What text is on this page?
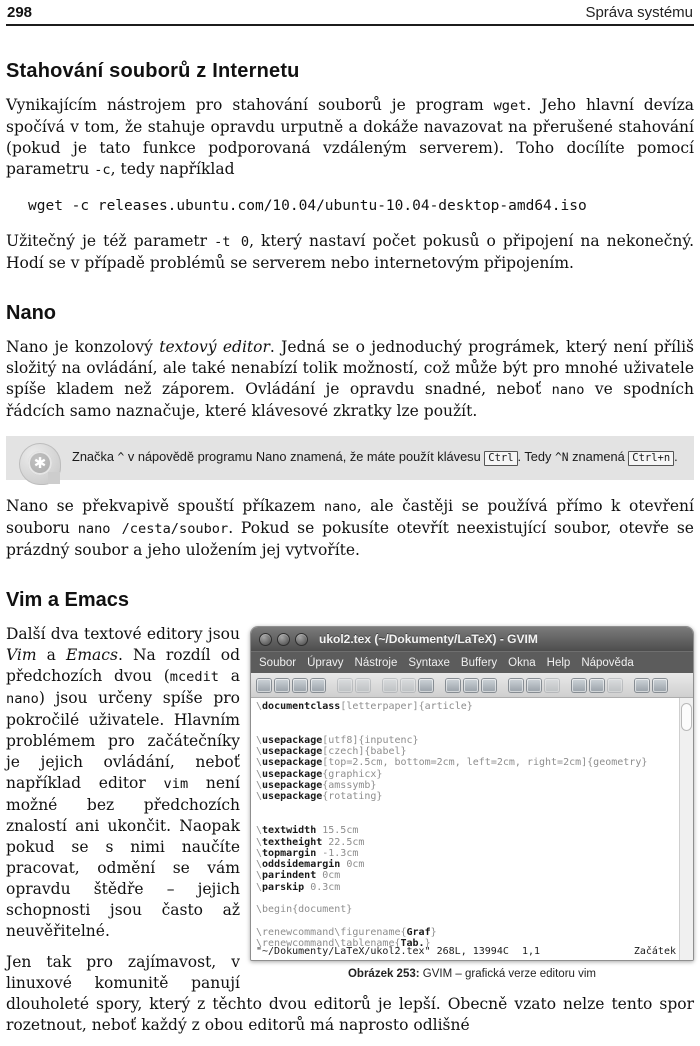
298	Správa systému
Stahování souborů z Internetu

Vynikajícím nástrojem pro stahování souborů je program wget. Jeho hlavní devíza spočívá v tom, že stahuje opravdu urputně a dokáže navazovat na přerušené stahování (pokud je tato funkce podporovaná vzdáleným serverem). Toho docílíte pomocí parametru -c, tedy například

wget -c releases.ubuntu.com/10.04/ubuntu-10.04-desktop-amd64.iso

Užitečný je též parametr -t 0, který nastaví počet pokusů o připojení na nekonečný. Hodí se v případě problémů se serverem nebo internetovým připojením.

Nano

Nano je konzolový textový editor. Jedná se o jednoduchý prográmek, který není příliš složitý na ovládání, ale také nenabízí tolik možností, což může být pro mnohé uživatele spíše kladem než záporem. Ovládání je opravdu snadné, neboť nano ve spodních řádcích samo naznačuje, které klávesové zkratky lze použít.

✱	Značka ^ v nápovědě programu Nano znamená, že máte použít klávesu Ctrl . Tedy ^N znamená Ctrl+n .

Nano se překvapivě spouští příkazem nano, ale častěji se používá přímo k otevření souboru nano /cesta/soubor. Pokud se pokusíte otevřít neexistující soubor, otevře se prázdný soubor a jeho uložením jej vytvoříte.

Vim a Emacs
ukol2.tex (~/Dokumenty/LaTeX) - GVIM
Soubor Úpravy Nástroje Syntaxe Buffery Okna Help Nápověda
\documentclass[letterpaper]{article}

\usepackage[utf8]{inputenc}
\usepackage[czech]{babel}
\usepackage[top=2.5cm, bottom=2cm, left=2cm, right=2cm]{geometry}
\usepackage{graphicx}
\usepackage{amssymb}
\usepackage{rotating}

\textwidth 15.5cm
\textheight 22.5cm
\topmargin -1.3cm
\oddsidemargin 0cm
\parindent 0cm
\parskip 0.3cm

\begin{document}

\renewcommand\figurename{Graf}
\renewcommand\tablename{Tab.}
"~/Dokumenty/LaTeX/ukol2.tex" 268L, 13994C	1,1	Začátek
Obrázek 253: GVIM – grafická verze editoru vim

Další dva textové editory jsou Vim a Emacs. Na rozdíl od předchozích dvou (mcedit a nano) jsou určeny spíše pro pokročilé uživatele. Hlavním problémem pro začátečníky je jejich ovládání, neboť například editor vim není možné bez předchozích znalostí ani ukončit. Naopak pokud se s nimi naučíte pracovat, odmění se vám opravdu štědře – jejich schopnosti jsou často až neuvěřitelné.

Jen tak pro zajímavost, v linuxové komunitě panují dlouholeté spory, který z těchto dvou editorů je lepší. Obecně vzato nelze tento spor rozetnout, neboť každý z obou editorů má naprosto odlišné
